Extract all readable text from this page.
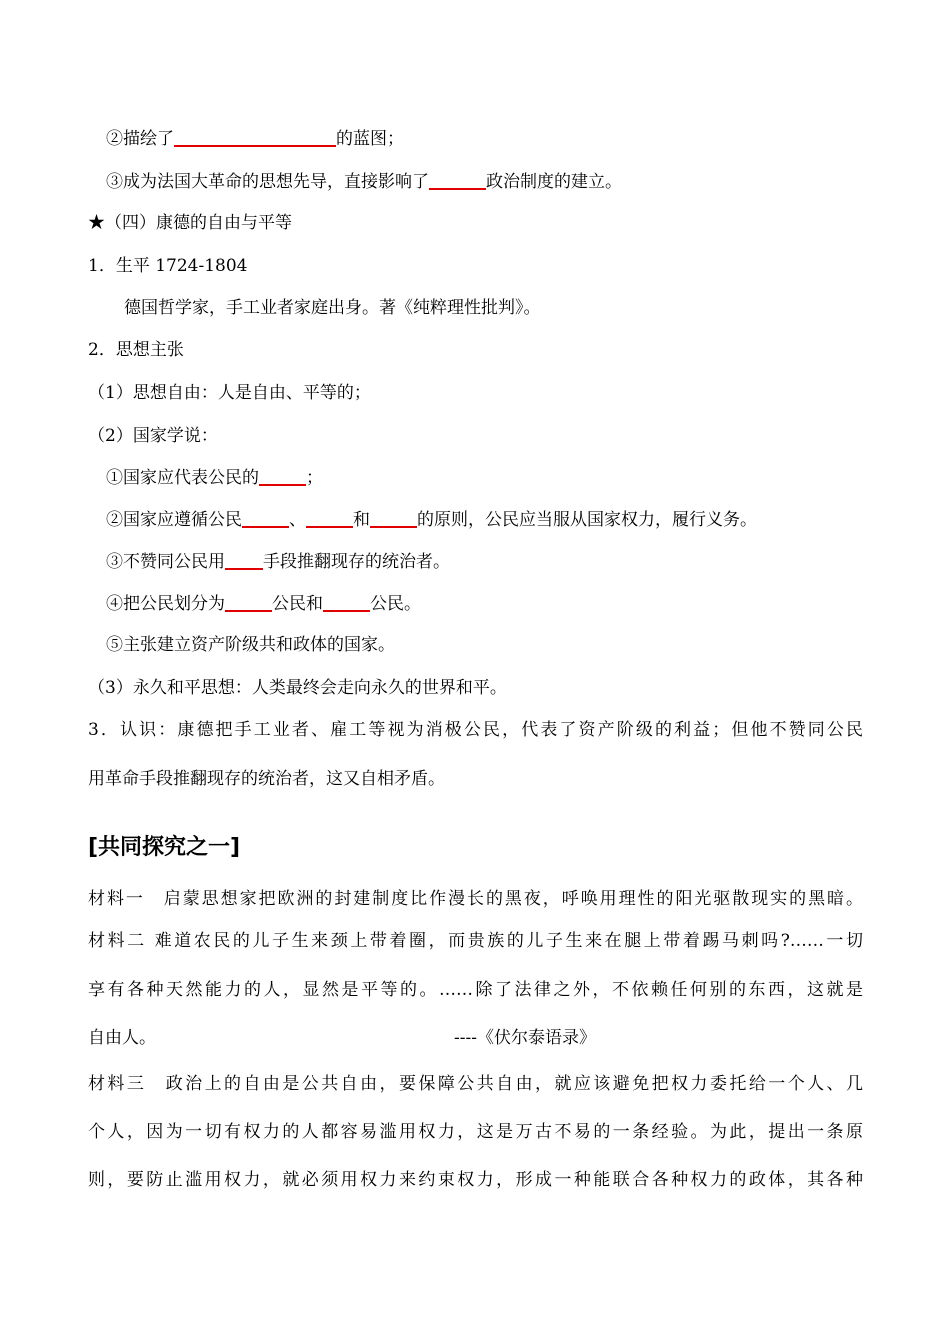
②描绘了	的蓝图；
③成为法国大革命的思想先导，直接影响了	政治制度的建立。
★（四）康德的自由与平等
1．生平 1724-1804
德国哲学家，手工业者家庭出身。著《纯粹理性批判》。
2．思想主张
（1）思想自由：人是自由、平等的；
（2）国家学说：
①国家应代表公民的	；
②国家应遵循公民	、	和	的原则，公民应当服从国家权力，履行义务。
③不赞同公民用 手段推翻现存的统治者。
④把公民划分为	公民和	公民。
⑤主张建立资产阶级共和政体的国家。
（3）永久和平思想：人类最终会走向永久的世界和平。
3．认识：康德把手工业者、雇工等视为消极公民，代表了资产阶级的利益；但他不赞同公民
用革命手段推翻现存的统治者，这又自相矛盾。
[共同探究之一]
材料一　启蒙思想家把欧洲的封建制度比作漫长的黑夜，呼唤用理性的阳光驱散现实的黑暗。
材料二 难道农民的儿子生来颈上带着圈，而贵族的儿子生来在腿上带着踢马刺吗?……一切
享有各种天然能力的人，显然是平等的。……除了法律之外，不依赖任何别的东西，这就是
自由人。	----《伏尔泰语录》
材料三　政治上的自由是公共自由，要保障公共自由，就应该避免把权力委托给一个人、几
个人，因为一切有权力的人都容易滥用权力，这是万古不易的一条经验。为此，提出一条原
则，要防止滥用权力，就必须用权力来约束权力，形成一种能联合各种权力的政体，其各种
